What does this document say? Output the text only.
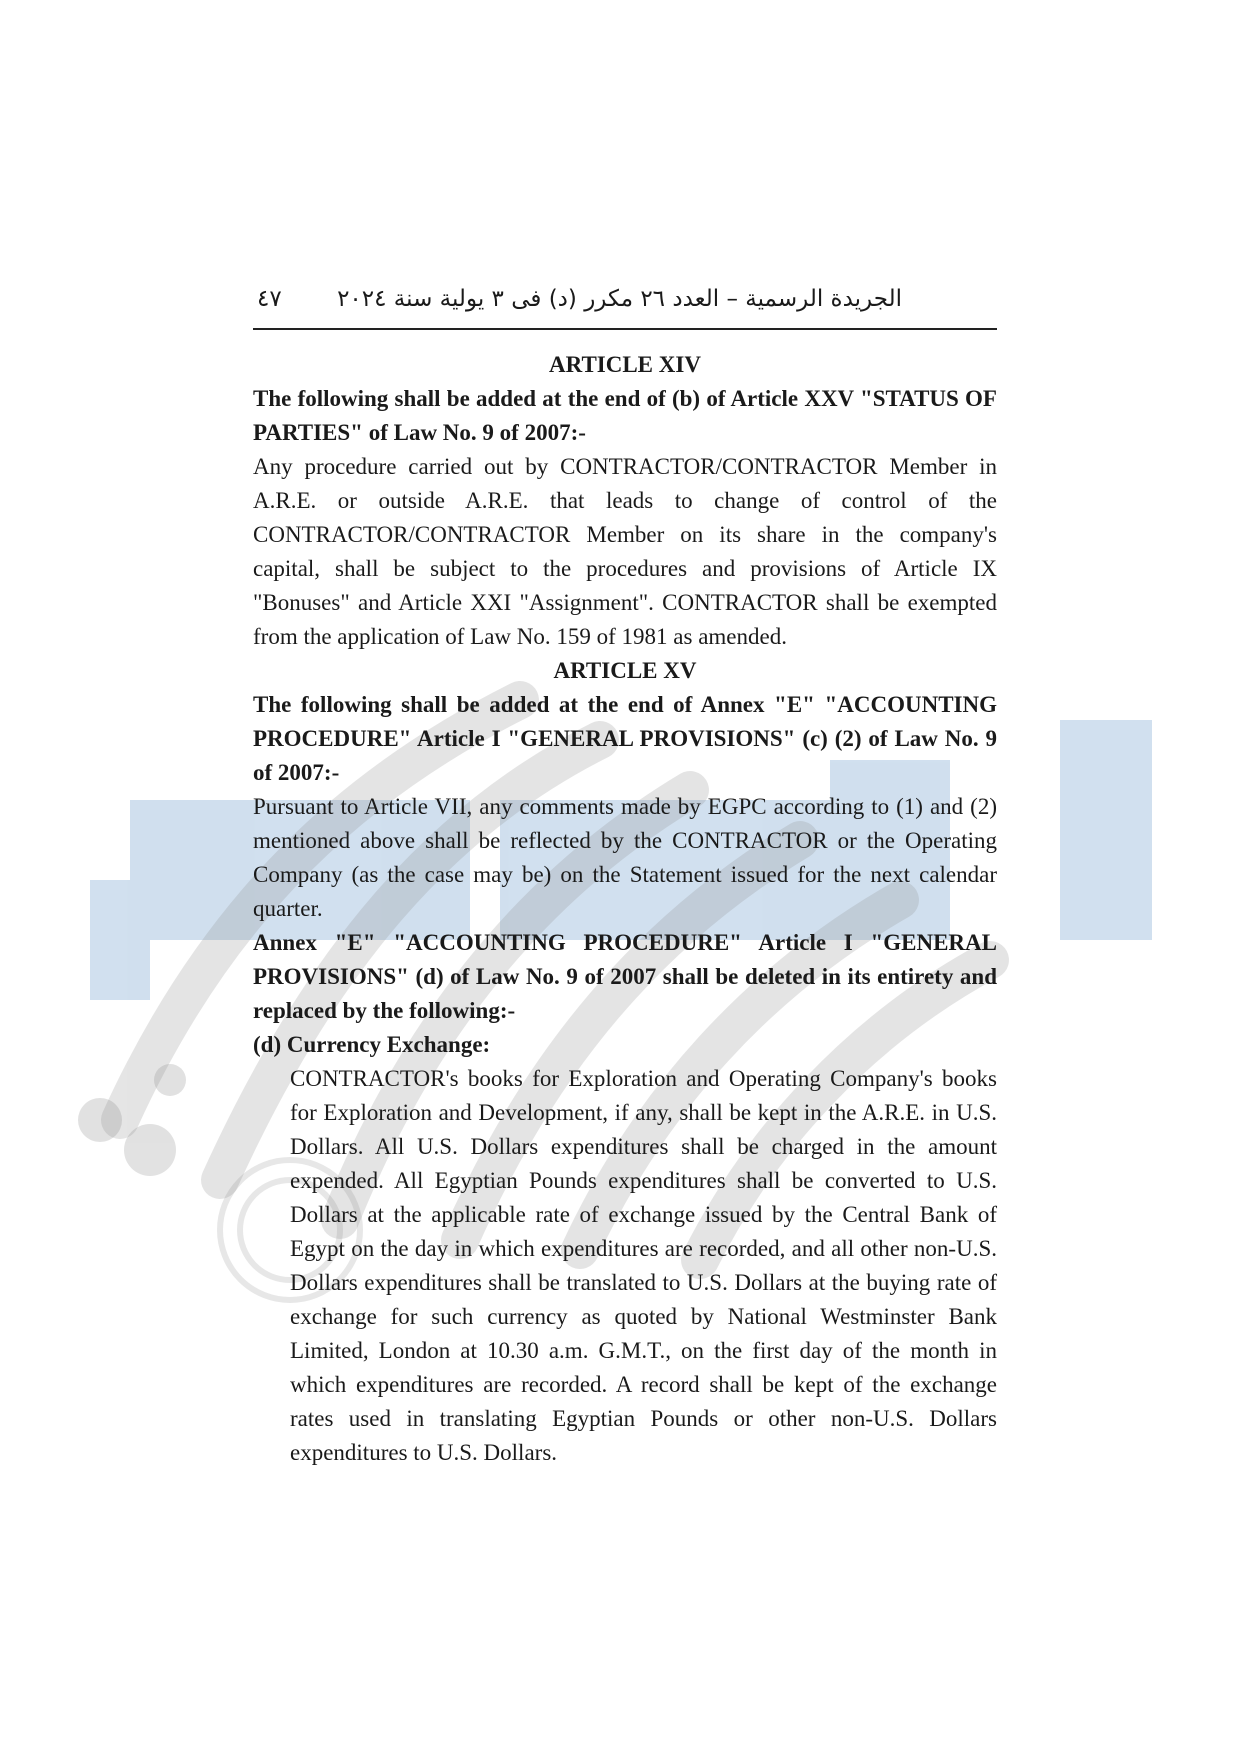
الجريدة الرسمية – العدد ٢٦ مكرر (د) فى ٣ يولية سنة ٢٠٢٤
٤٧

ARTICLE XIV

The following shall be added at the end of (b) of Article XXV "STATUS OF PARTIES" of Law No. 9 of 2007:-

Any procedure carried out by CONTRACTOR/CONTRACTOR Member in A.R.E. or outside A.R.E. that leads to change of control of the CONTRACTOR/CONTRACTOR Member on its share in the company's capital, shall be subject to the procedures and provisions of Article IX "Bonuses" and Article XXI "Assignment". CONTRACTOR shall be exempted from the application of Law No. 159 of 1981 as amended.

ARTICLE XV

The following shall be added at the end of Annex "E" "ACCOUNTING PROCEDURE" Article I "GENERAL PROVISIONS" (c) (2) of Law No. 9 of 2007:-

Pursuant to Article VII, any comments made by EGPC according to (1) and (2) mentioned above shall be reflected by the CONTRACTOR or the Operating Company (as the case may be) on the Statement issued for the next calendar quarter.

Annex "E" "ACCOUNTING PROCEDURE" Article I "GENERAL PROVISIONS" (d) of Law No. 9 of 2007 shall be deleted in its entirety and replaced by the following:-

(d) Currency Exchange:

CONTRACTOR's books for Exploration and Operating Company's books for Exploration and Development, if any, shall be kept in the A.R.E. in U.S. Dollars. All U.S. Dollars expenditures shall be charged in the amount expended. All Egyptian Pounds expenditures shall be converted to U.S. Dollars at the applicable rate of exchange issued by the Central Bank of Egypt on the day in which expenditures are recorded, and all other non-U.S. Dollars expenditures shall be translated to U.S. Dollars at the buying rate of exchange for such currency as quoted by National Westminster Bank Limited, London at 10.30 a.m. G.M.T., on the first day of the month in which expenditures are recorded. A record shall be kept of the exchange rates used in translating Egyptian Pounds or other non-U.S. Dollars expenditures to U.S. Dollars.
